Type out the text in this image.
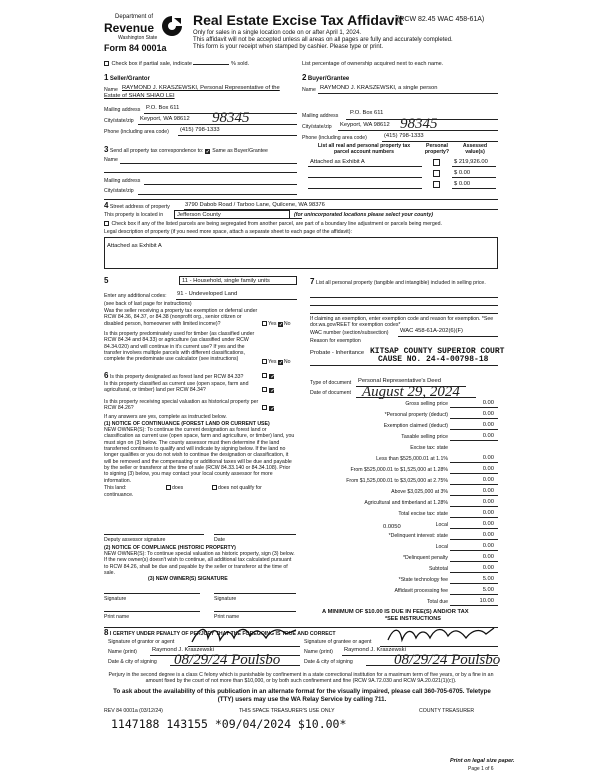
Department of
Revenue
Washington State
Form 84 0001a
Real Estate Excise Tax Affidavit
(RCW 82.45 WAC 458-61A)
Only for sales in a single location code on or after April 1, 2024.
This affidavit will not be accepted unless all areas on all pages are fully and accurately completed.
This form is your receipt when stamped by cashier. Please type or print.
Check box if partial sale, indicate	% sold.	List percentage of ownership acquired next to each name.
1 Seller/Grantor
Name RAYMOND J. KRASZEWSKI, Personal Representative of the
Estate of SHAN SHIAO LEI
Mailing address P.O. Box 611
City/state/zip Keyport, WA 98612 98345
Phone (including area code) (415) 798-1333
2 Buyer/Grantee
Name RAYMOND J. KRASZEWSKI, a single person
Mailing address P.O. Box 611
City/state/zip Keyport, WA 98612 98345
Phone (including area code)	(415) 798-1333
3 Send all property tax correspondence to: ✓ Same as Buyer/Grantee
Name
Mailing address
City/state/zip
List all real and personal property tax parcel account numbers
Personal property?
Assessed value(s)
Attached as Exhibit A	$ 219,926.00
$ 0.00
$ 0.00
4 Street address of property	3790 Dabob Road / Tarboo Lane, Quilcene, WA 98376
This property is located in	Jefferson County	(for unincorporated locations please select your county)
Check box if any of the listed parcels are being segregated from another parcel, are part of a boundary line adjustment or parcels being merged.
Legal description of property (if you need more space, attach a separate sheet to each page of the affidavit):
Attached as Exhibit A
5	11 - Household, single family units
Enter any additional codes: 91 - Undeveloped Land
(see back of last page for instructions)
Was the seller receiving a property tax exemption or deferral under RCW 84.36, 84.37, or 84.38 (nonprofit org., senior citizen or disabled person, homeowner with limited income)?	Yes ✓No
Is this property predominately used for timber (as classified under RCW 84.34 and 84.33) or agriculture (as classified under RCW 84.34.020) and will continue in it's current use? If yes and the transfer involves multiple parcels with different classifications, complete the predominate use calculator (see instructions)	Yes ✓No
6 Is this property designated as forest land per RCW 84.33?	✓
Is this property classified as current use (open space, farm and agricultural, or timber) land per RCW 84.34?	✓
Is this property receiving special valuation as historical property per RCW 84.26?	✓
If any answers are yes, complete as instructed below.
(1) NOTICE OF CONTINUANCE (FOREST LAND OR CURRENT USE)
NEW OWNER(S): To continue the current designation as forest land or classification as current use (open space, farm and agriculture, or timber) land, you must sign on (3) below. The county assessor must then determine if the land transferred continues to qualify and will indicate by signing below. If the land no longer qualifies or you do not wish to continue the designation or classification, it will be removed and the compensating or additional taxes will be due and payable by the seller or transferor at the time of sale (RCW 84.33.140 or 84.34.108). Prior to signing (3) below, you may contact your local county assessor for more information.
This land:
continuance.
does	does not qualify for
Deputy assessor signature	Date
(2) NOTICE OF COMPLIANCE (HISTORIC PROPERTY)
NEW OWNER(S): To continue special valuation as historic property, sign (3) below. If the new owner(s) doesn't wish to continue, all additional tax calculated pursuant to RCW 84.26, shall be due and payable by the seller or transferor at the time of sale.
(3) NEW OWNER(S) SIGNATURE
Signature	Signature
Print name	Print name
7 List all personal property (tangible and intangible) included in selling price.
If claiming an exemption, enter exemption code and reason for exemption. *See dor.wa.gov/REET for exemption codes*
WAC number (section/subsection) WAC 458-61A-202(6)(F)
Reason for exemption
Probate - Inheritance KITSAP COUNTY SUPERIOR COURT
CAUSE NO. 24-4-00798-18
Type of document Personal Representative's Deed
Date of document August 29, 2024
Gross selling price	0.00
*Personal property (deduct)	0.00
Exemption claimed (deduct)	0.00
Taxable selling price	0.00
Excise tax: state
Less than $525,000.01 at 1.1%	0.00
From $525,000.01 to $1,525,000 at 1.28%	0.00
From $1,525,000.01 to $3,025,000 at 2.75%	0.00
Above $3,025,000 at 3%	0.00
Agricultural and timberland at 1.28%	0.00
Total excise tax: state	0.00
Local	0.00
*Delinquent interest: state	0.00
Local	0.00
*Delinquent penalty	0.00
Subtotal	0.00
*State technology fee	5.00
Affidavit processing fee	5.00
Total due	10.00
0.0050
A MINIMUM OF $10.00 IS DUE IN FEE(S) AND/OR TAX
*SEE INSTRUCTIONS
8 I CERTIFY UNDER PENALTY OF PERJURY THAT THE FOREGOING IS TRUE AND CORRECT
Signature of grantor or agent	Signature of grantee or agent
Name (print)	Raymond J. Kraszewski	Name (print) Raymond J. Kraszewski
Date & city of signing 08/29/24 Poulsbo	Date & city of signing	08/29/24 Poulsbo
Perjury in the second degree is a class C felony which is punishable by confinement in a state correctional institution for a maximum term of five years, or by a fine in an amount fixed by the court of not more than $10,000, or by both such confinement and fine (RCW 9A.72.030 and RCW 9A.20.021(1)(c)).
To ask about the availability of this publication in an alternate format for the visually impaired, please call 360-705-6705. Teletype (TTY) users may use the WA Relay Service by calling 711.
REV 84 0001a (03/12/24)	THIS SPACE TREASURER'S USE ONLY	COUNTY TREASURER
1147188 143155 *09/04/2024 $10.00*
Print on legal size paper.
Page 1 of 6
